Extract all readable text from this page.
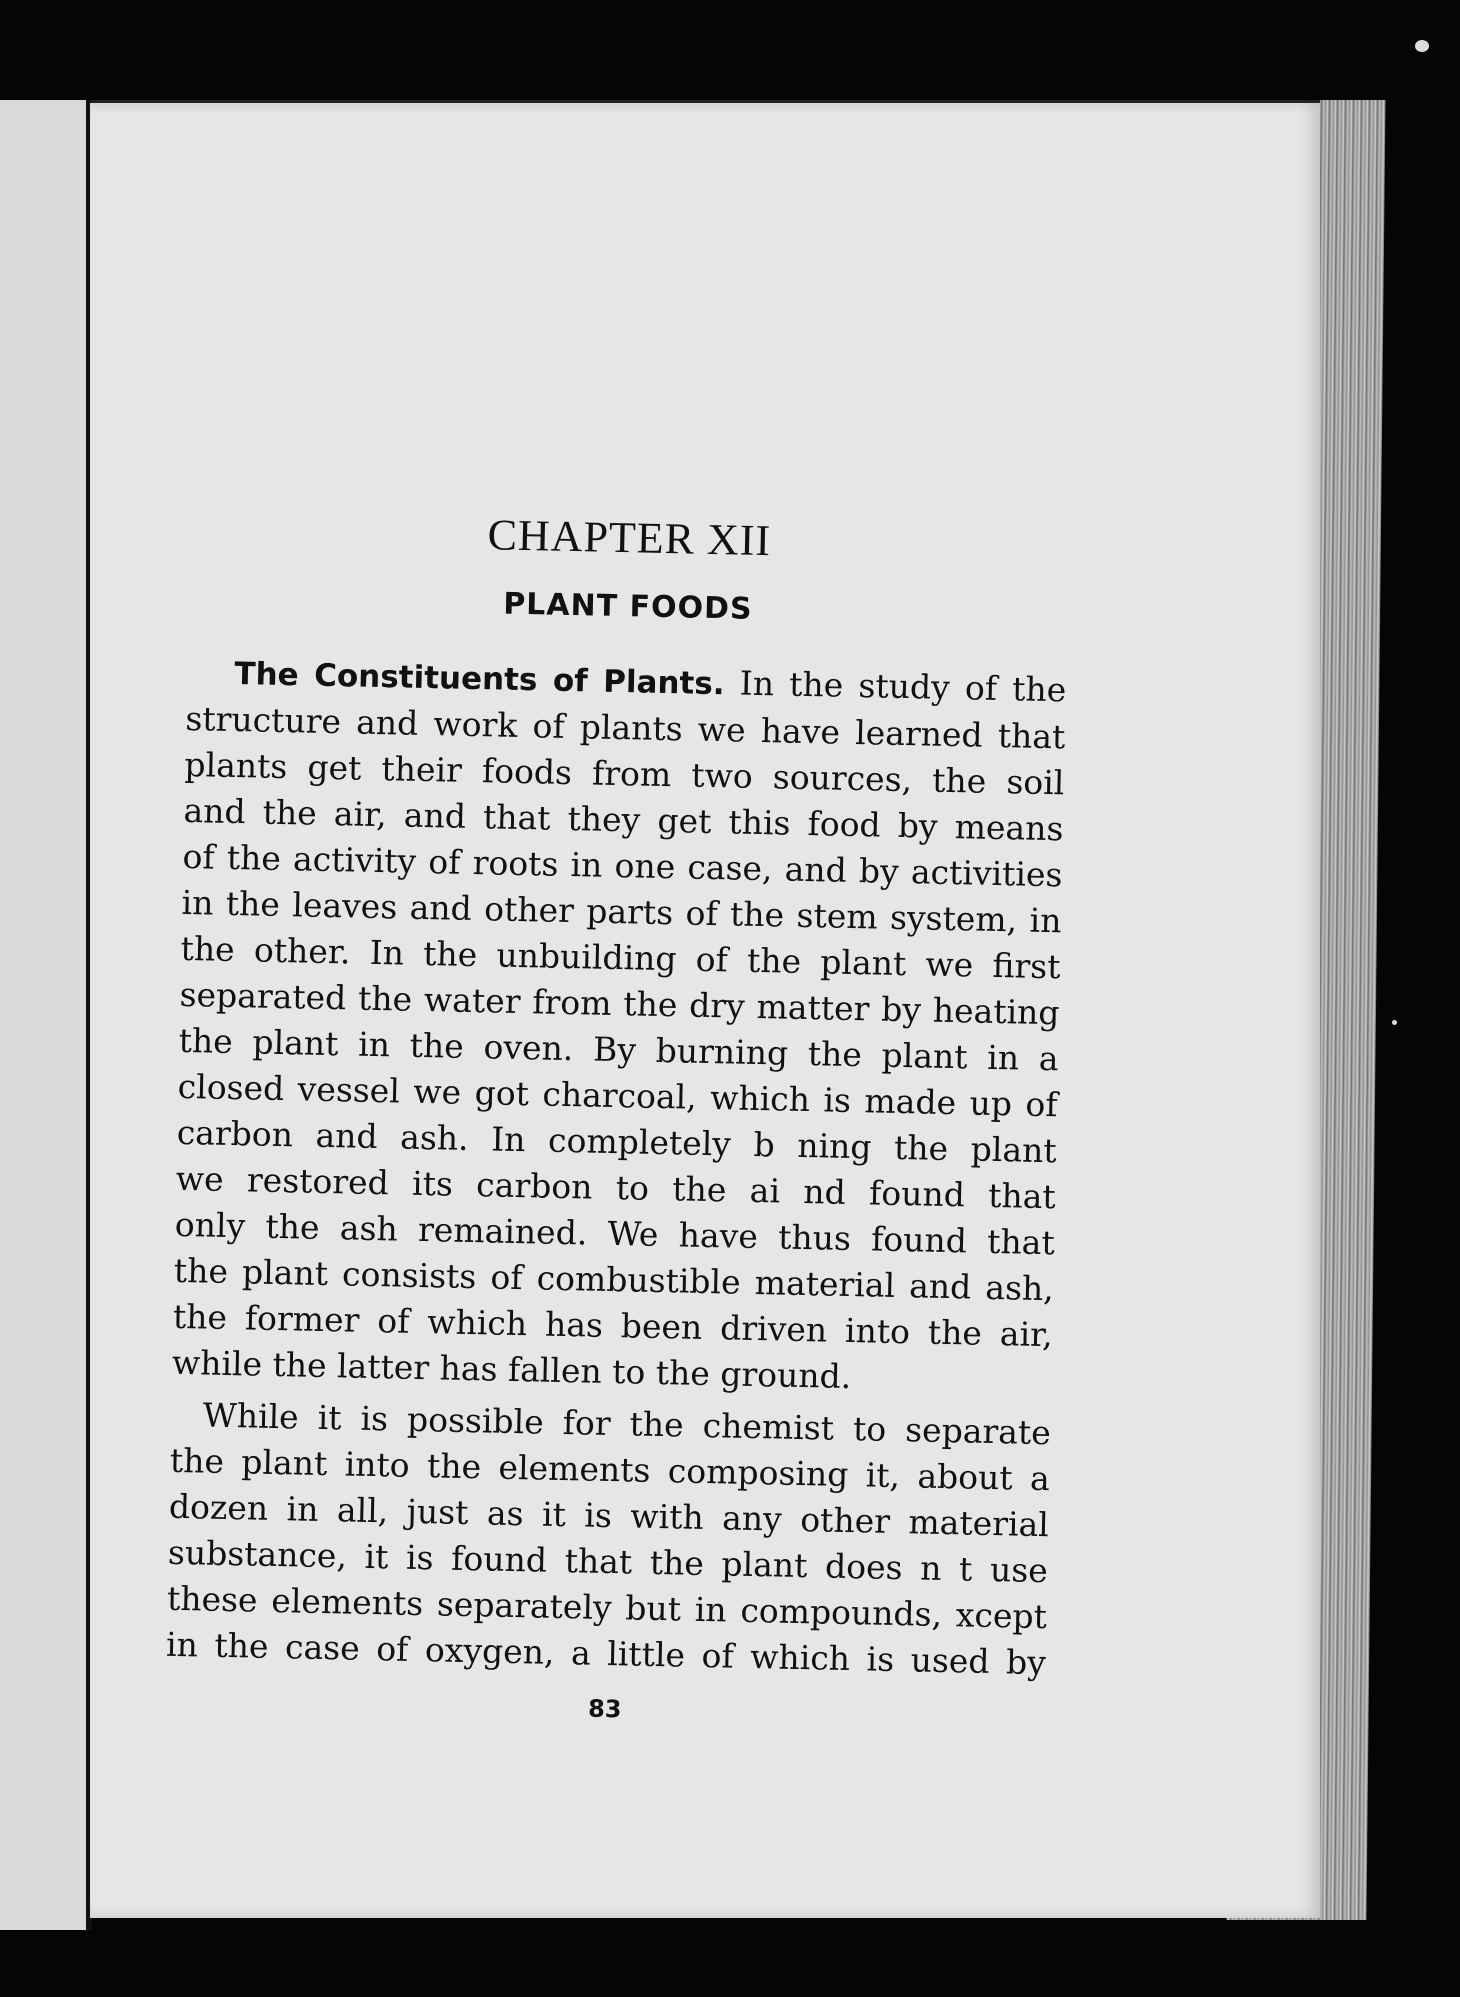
CHAPTER XII
PLANT FOODS

The Constituents of Plants. In the study of the
structure and work of plants we have learned that
plants get their foods from two sources, the soil
and the air, and that they get this food by means
of the activity of roots in one case, and by activities
in the leaves and other parts of the stem system, in
the other. In the unbuilding of the plant we first
separated the water from the dry matter by heating
the plant in the oven. By burning the plant in a
closed vessel we got charcoal, which is made up of
carbon and ash. In completely b ning the plant
we restored its carbon to the ai nd found that
only the ash remained. We have thus found that
the plant consists of combustible material and ash,
the former of which has been driven into the air,
while the latter has fallen to the ground.

While it is possible for the chemist to separate
the plant into the elements composing it, about a
dozen in all, just as it is with any other material
substance, it is found that the plant does n t use
these elements separately but in compounds, xcept
in the case of oxygen, a little of which is used by

83
